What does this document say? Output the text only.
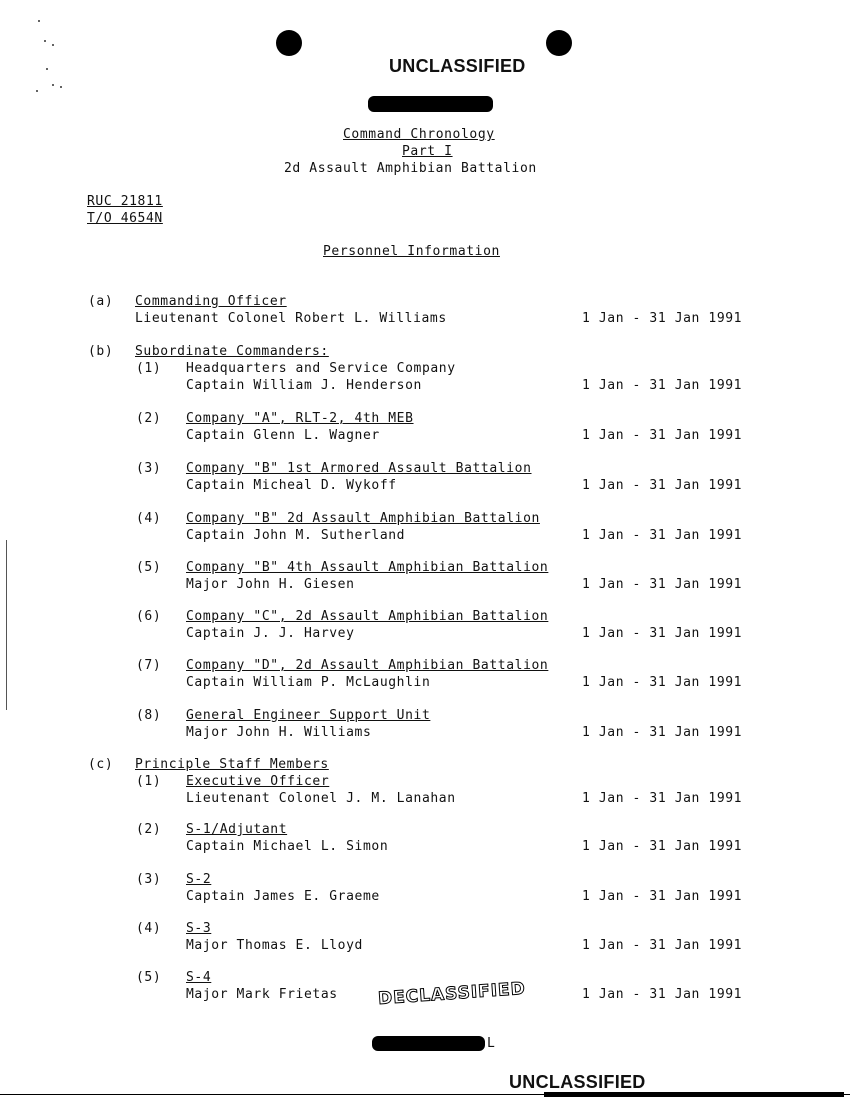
UNCLASSIFIED
Command Chronology
Part I
2d Assault Amphibian Battalion
RUC 21811
T/O 4654N
Personnel Information
(a) Commanding Officer
Lieutenant Colonel Robert L. Williams	1 Jan - 31 Jan 1991
(b) Subordinate Commanders:
(1) Headquarters and Service Company
Captain William J. Henderson	1 Jan - 31 Jan 1991
(2) Company "A", RLT-2, 4th MEB
Captain Glenn L. Wagner	1 Jan - 31 Jan 1991
(3) Company "B" 1st Armored Assault Battalion
Captain Micheal D. Wykoff	1 Jan - 31 Jan 1991
(4) Company "B" 2d Assault Amphibian Battalion
Captain John M. Sutherland	1 Jan - 31 Jan 1991
(5) Company "B" 4th Assault Amphibian Battalion
Major John H. Giesen	1 Jan - 31 Jan 1991
(6) Company "C", 2d Assault Amphibian Battalion
Captain J. J. Harvey	1 Jan - 31 Jan 1991
(7) Company "D", 2d Assault Amphibian Battalion
Captain William P. McLaughlin	1 Jan - 31 Jan 1991
(8) General Engineer Support Unit
Major John H. Williams	1 Jan - 31 Jan 1991
(c) Principle Staff Members
(1) Executive Officer
Lieutenant Colonel J. M. Lanahan	1 Jan - 31 Jan 1991
(2) S-1/Adjutant
Captain Michael L. Simon	1 Jan - 31 Jan 1991
(3) S-2
Captain James E. Graeme	1 Jan - 31 Jan 1991
(4) S-3
Major Thomas E. Lloyd	1 Jan - 31 Jan 1991
(5) S-4
Major Mark Frietas	1 Jan - 31 Jan 1991
DECLASSIFIED
L
UNCLASSIFIED
